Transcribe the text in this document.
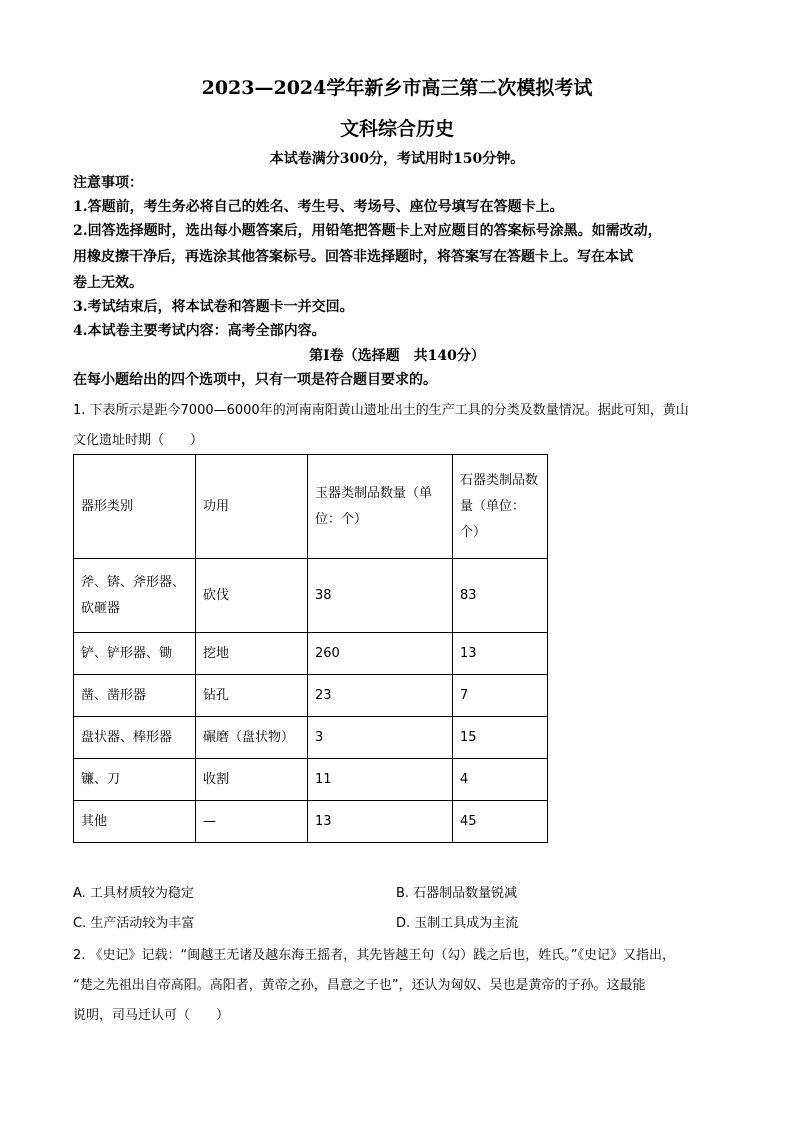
2023—2024学年新乡市高三第二次模拟考试
文科综合历史
本试卷满分300分，考试用时150分钟。
注意事项：
1.答题前，考生务必将自己的姓名、考生号、考场号、座位号填写在答题卡上。
2.回答选择题时，选出每小题答案后，用铅笔把答题卡上对应题目的答案标号涂黑。如需改动，
用橡皮擦干净后，再选涂其他答案标号。回答非选择题时，将答案写在答题卡上。写在本试
卷上无效。
3.考试结束后，将本试卷和答题卡一并交回。
4.本试卷主要考试内容：高考全部内容。
第Ⅰ卷（选择题　共140分）
在每小题给出的四个选项中，只有一项是符合题目要求的。
1. 下表所示是距今7000—6000年的河南南阳黄山遗址出土的生产工具的分类及数量情况。据此可知，黄山
文化遗址时期（　　）
器形类别	功用	玉器类制品数量（单位：个）	石器类制品数量（单位：个）
斧、锛、斧形器、砍砸器	砍伐	38	83
铲、铲形器、锄	挖地	260	13
凿、凿形器	钻孔	23	7
盘状器、棒形器	碾磨（盘状物）	3	15
镰、刀	收割	11	4
其他	—	13	45
A. 工具材质较为稳定	B. 石器制品数量锐减
C. 生产活动较为丰富	D. 玉制工具成为主流
2. 《史记》记载：“闽越王无诸及越东海王摇者，其先皆越王句（勾）践之后也，姓氏。”《史记》又指出，
“楚之先祖出自帝高阳。高阳者，黄帝之孙，昌意之子也”，还认为匈奴、吴也是黄帝的子孙。这最能
说明，司马迁认可（　　）
